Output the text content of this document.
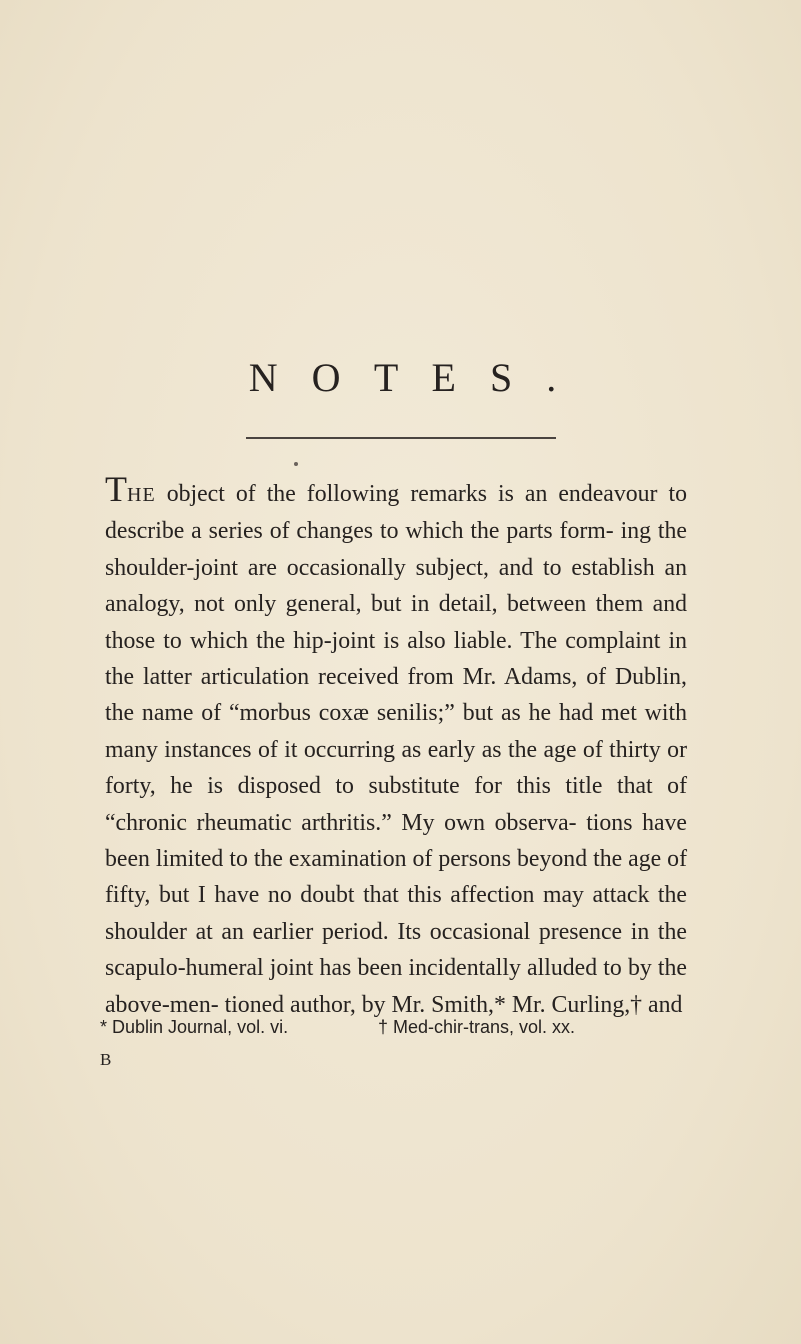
N O T E S .

THE object of the following remarks is an endeavour to describe a series of changes to which the parts form- ing the shoulder-joint are occasionally subject, and to establish an analogy, not only general, but in detail, between them and those to which the hip-joint is also liable. The complaint in the latter articulation received from Mr. Adams, of Dublin, the name of “morbus coxæ senilis;” but as he had met with many instances of it occurring as early as the age of thirty or forty, he is disposed to substitute for this title that of “chronic rheumatic arthritis.” My own observa- tions have been limited to the examination of persons beyond the age of fifty, but I have no doubt that this affection may attack the shoulder at an earlier period. Its occasional presence in the scapulo-humeral joint has been incidentally alluded to by the above-men- tioned author, by Mr. Smith,* Mr. Curling,† and

* Dublin Journal, vol. vi.	† Med-chir-trans, vol. xx.
B
